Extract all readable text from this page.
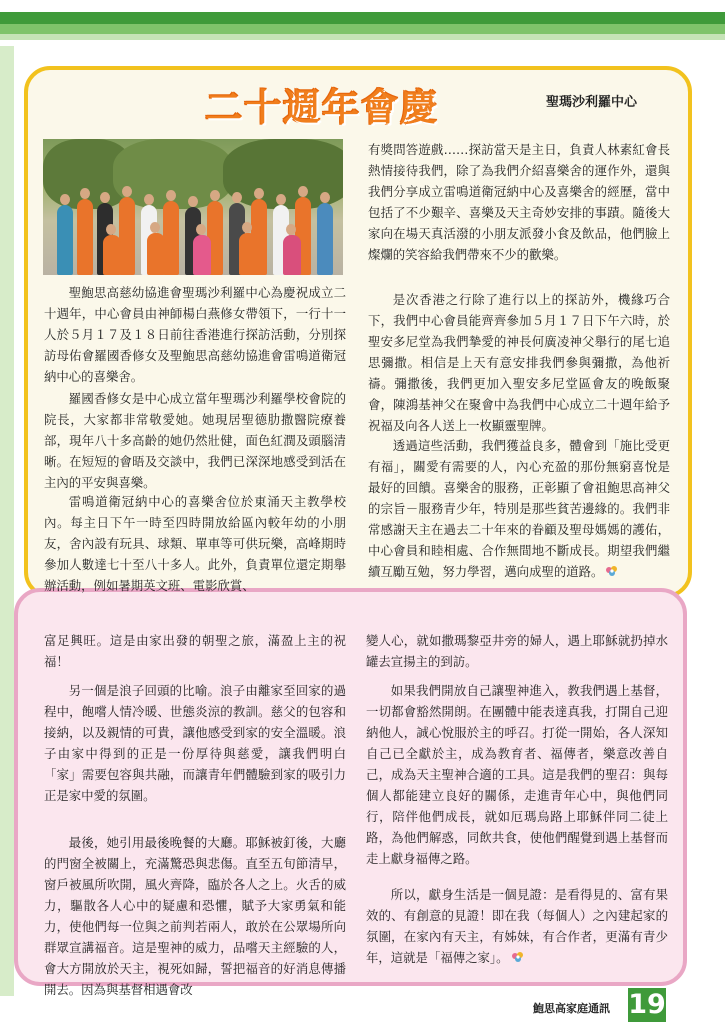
二十週年會慶	聖瑪沙利羅中心

聖鮑思高慈幼協進會聖瑪沙利羅中心為慶祝成立二十週年，中心會員由神師楊白燕修女帶領下，一行十一人於５月１７及１８日前往香港進行探訪活動，分別探訪母佑會羅國香修女及聖鮑思高慈幼協進會雷鳴道衛冠納中心的喜樂舍。

羅國香修女是中心成立當年聖瑪沙利羅學校會院的院長，大家都非常敬愛她。她現居聖德肋撒醫院療養部，現年八十多高齡的她仍然壯健，面色紅潤及頭腦清晰。在短短的會晤及交談中，我們已深深地感受到活在主內的平安與喜樂。

雷鳴道衛冠納中心的喜樂舍位於東涌天主教學校內。每主日下午一時至四時開放給區內較年幼的小朋友，舍內設有玩具、球類、單車等可供玩樂，高峰期時參加人數達七十至八十多人。此外，負責單位還定期舉辦活動，例如暑期英文班、電影欣賞、

有獎問答遊戲……探訪當天是主日，負責人林素紅會長熱情接待我們，除了為我們介紹喜樂舍的運作外，還與我們分享成立雷鳴道衛冠納中心及喜樂舍的經歷，當中包括了不少艱辛、喜樂及天主奇妙安排的事蹟。隨後大家向在場天真活潑的小朋友派發小食及飲品，他們臉上燦爛的笑容給我們帶來不少的歡樂。

是次香港之行除了進行以上的探訪外，機緣巧合下，我們中心會員能齊齊參加５月１７日下午六時，於聖安多尼堂為我們摯愛的神長何廣凌神父舉行的尾七追思彌撒。相信是上天有意安排我們參與彌撒，為他祈禱。彌撒後，我們更加入聖安多尼堂區會友的晚飯聚會，陳鴻基神父在聚會中為我們中心成立二十週年給予祝福及向各人送上一枚顯靈聖牌。

透過這些活動，我們獲益良多，體會到「施比受更有福」，關愛有需要的人，內心充盈的那份無窮喜悅是最好的回饋。喜樂舍的服務，正彰顯了會祖鮑思高神父的宗旨－服務青少年，特別是那些貧苦邊緣的。我們非常感謝天主在過去二十年來的眷顧及聖母媽媽的護佑，中心會員和睦相處、合作無間地不斷成長。期望我們繼續互勵互勉，努力學習，邁向成聖的道路。

富足興旺。這是由家出發的朝聖之旅，滿盈上主的祝福！

另一個是浪子回頭的比喻。浪子由離家至回家的過程中，飽嚐人情冷暖、世態炎涼的教訓。慈父的包容和接納，以及親情的可貴，讓他感受到家的安全溫暖。浪子由家中得到的正是一份厚待與慈愛，讓我們明白「家」需要包容與共融，而讓青年們體驗到家的吸引力正是家中愛的氛圍。

最後，她引用最後晚餐的大廳。耶穌被釘後，大廳的門窗全被關上，充滿驚恐與悲傷。直至五旬節清早，窗戶被風所吹開，風火齊降，臨於各人之上。火舌的威力，驅散各人心中的疑慮和恐懼，賦予大家勇氣和能力，使他們每一位與之前判若兩人，敢於在公眾場所向群眾宣講福音。這是聖神的威力，品嚐天主經驗的人，會大方開放於天主，視死如歸，誓把福音的好消息傳播開去。因為與基督相遇會改

變人心，就如撒瑪黎亞井旁的婦人，遇上耶穌就扔掉水罐去宣揚主的到訪。

如果我們開放自己讓聖神進入，教我們遇上基督，一切都會豁然開朗。在團體中能表達真我，打開自己迎納他人，誠心悅服於主的呼召。打從一開始，各人深知自己已全獻於主，成為教育者、福傳者，樂意改善自己，成為天主聖神合適的工具。這是我們的聖召：與每個人都能建立良好的關係，走進青年心中，與他們同行，陪伴他們成長，就如厄瑪烏路上耶穌伴同二徒上路，為他們解惑，同飲共食，使他們醒覺到遇上基督而走上獻身福傳之路。

所以，獻身生活是一個見證：是看得見的、富有果效的、有創意的見證！即在我（每個人）之內建起家的氛圍，在家內有天主，有姊妹，有合作者，更滿有青少年，這就是「福傳之家」。

鮑思高家庭通訊 19
